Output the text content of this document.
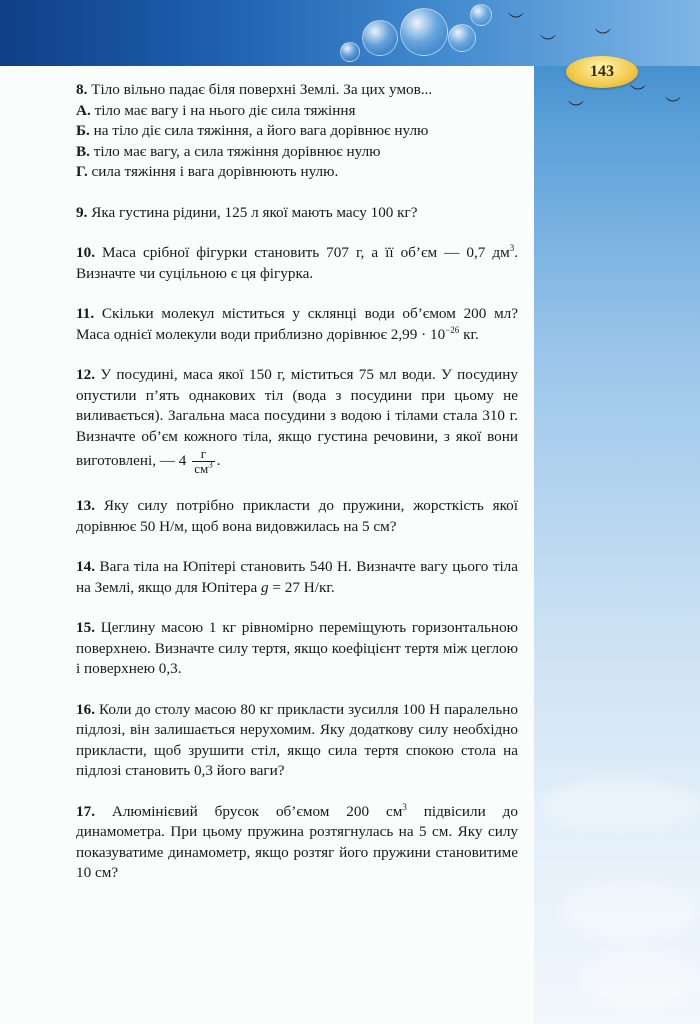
︶
︶ ︶
︶
︶
︶
143

8. Тіло вільно падає біля поверхні Землі. За цих умов...

А. тіло має вагу і на нього діє сила тяжіння
Б. на тіло діє сила тяжіння, а його вага дорівнює нулю
В. тіло має вагу, а сила тяжіння дорівнює нулю
Г. сила тяжіння і вага дорівнюють нулю.

9. Яка густина рідини, 125 л якої мають масу 100 кг?

10. Маса срібної фігурки становить 707 г, а її об’єм — 0,7 $дм^3$. Визначте чи суцільною є ця фігурка.

11. Скільки молекул міститься у склянці води об’ємом 200 мл? Маса однієї молекули води приблизно дорівнює $2,99 \cdot 10^{-26}$ кг.

12. У посудині, маса якої 150 г, міститься 75 мл води. У посудину опустили п’ять однакових тіл (вода з посудини при цьому не виливається). Загальна маса посудини з водою і тілами стала 310 г. Визначте об’єм кожного тіла, якщо густина речовини, з якої вони виготовлені, — $4 \frac{г}{см^3}$ .

13. Яку силу потрібно прикласти до пружини, жорсткість якої дорівнює 50 Н/м, щоб вона видовжилась на 5 см?

14. Вага тіла на Юпітері становить 540 Н. Визначте вагу цього тіла на Землі, якщо для Юпітера g = 27 Н/кг.

15. Цеглину масою 1 кг рівномірно переміщують горизонтальною поверхнею. Визначте силу тертя, якщо коефіцієнт тертя між цеглою і поверхнею 0,3.

16. Коли до столу масою 80 кг прикласти зусилля 100 Н паралельно підлозі, він залишається нерухомим. Яку додаткову силу необхідно прикласти, щоб зрушити стіл, якщо сила тертя спокою стола на підлозі становить 0,3 його ваги?

17. Алюмінієвий брусок об’ємом 200 $см^3$ підвісили до динамометра. При цьому пружина розтягнулась на 5 см. Яку силу показуватиме динамометр, якщо розтяг його пружини становитиме 10 см?
